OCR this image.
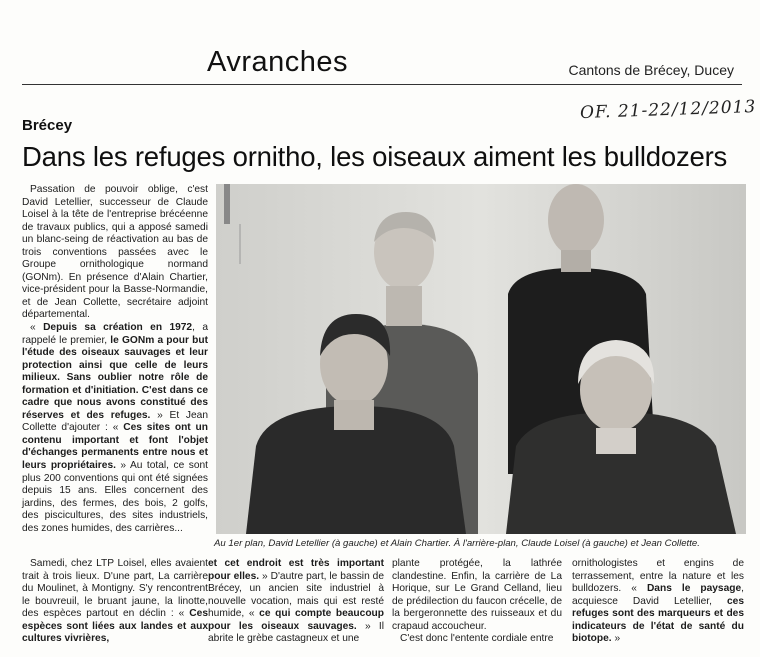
Avranches	Cantons de Brécey, Ducey
OF. 21-22/12/2013
Brécey
Dans les refuges ornitho, les oiseaux aiment les bulldozers

Passation de pouvoir oblige, c'est David Letellier, successeur de Claude Loisel à la tête de l'entreprise brécéenne de travaux publics, qui a apposé samedi un blanc-seing de réactivation au bas de trois conventions passées avec le Groupe ornithologique normand (GONm). En présence d'Alain Chartier, vice-président pour la Basse-Normandie, et de Jean Collette, secrétaire adjoint départemental.

« Depuis sa création en 1972, a rappelé le premier, le GONm a pour but l'étude des oiseaux sauvages et leur protection ainsi que celle de leurs milieux. Sans oublier notre rôle de formation et d'initiation. C'est dans ce cadre que nous avons constitué des réserves et des refuges. » Et Jean Collette d'ajouter : « Ces sites ont un contenu important et font l'objet d'échanges permanents entre nous et leurs propriétaires. » Au total, ce sont plus 200 conventions qui ont été signées depuis 15 ans. Elles concernent des jardins, des fermes, des bois, 2 golfs, des piscicultures, des sites industriels, des zones humides, des carrières...

Au 1er plan, David Letellier (à gauche) et Alain Chartier. À l'arrière-plan, Claude Loisel (à gauche) et Jean Collette.

Samedi, chez LTP Loisel, elles avaient trait à trois lieux. D'une part, La carrière du Moulinet, à Montigny. S'y rencontrent le bouvreuil, le bruant jaune, la linotte, des espèces partout en déclin : « Ces espèces sont liées aux landes et aux cultures vivrières,

et cet endroit est très important pour elles. » D'autre part, le bassin de Brécey, un ancien site industriel à nouvelle vocation, mais qui est resté humide, « ce qui compte beaucoup pour les oiseaux sauvages. » Il abrite le grèbe castagneux et une

plante protégée, la lathrée clandestine. Enfin, la carrière de La Horique, sur Le Grand Celland, lieu de prédilection du faucon crécelle, de la bergeronnette des ruisseaux et du crapaud accoucheur.

C'est donc l'entente cordiale entre

ornithologistes et engins de terrassement, entre la nature et les bulldozers. « Dans le paysage, acquiesce David Letellier, ces refuges sont des marqueurs et des indicateurs de l'état de santé du biotope. »
